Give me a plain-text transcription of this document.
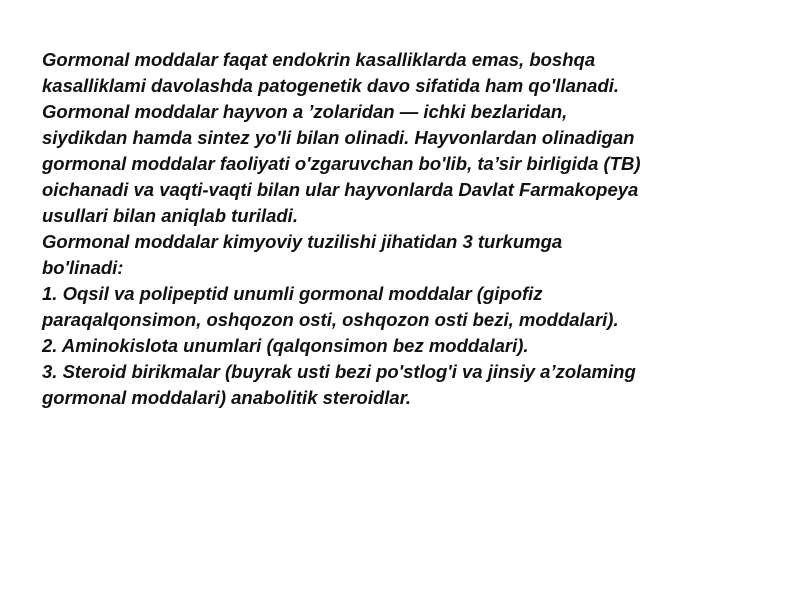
Gormonal moddalar faqat endokrin kasalliklarda emas, boshqa
kasalliklami davolashda patogenetik davo sifatida ham qo'llanadi.
Gormonal moddalar hayvon a ’zolaridan — ichki bezlaridan,
siydikdan hamda sintez yo'li bilan olinadi. Hayvonlardan olinadigan
gormonal moddalar faoliyati o'zgaruvchan bo'lib, ta’sir birligida (TB)
oichanadi va vaqti-vaqti bilan ular hayvonlarda Davlat Farmakopeya
usullari bilan aniqlab turiladi.
Gormonal moddalar kimyoviy tuzilishi jihatidan 3 turkumga
bo'linadi:
1. Oqsil va polipeptid unumli gormonal moddalar (gipofiz
paraqalqonsimon, oshqozon osti, oshqozon osti bezi, moddalari).
2. Aminokislota unumlari (qalqonsimon bez moddalari).
3. Steroid birikmalar (buyrak usti bezi po'stlog'i va jinsiy a’zolaming
gormonal moddalari) anabolitik steroidlar.
